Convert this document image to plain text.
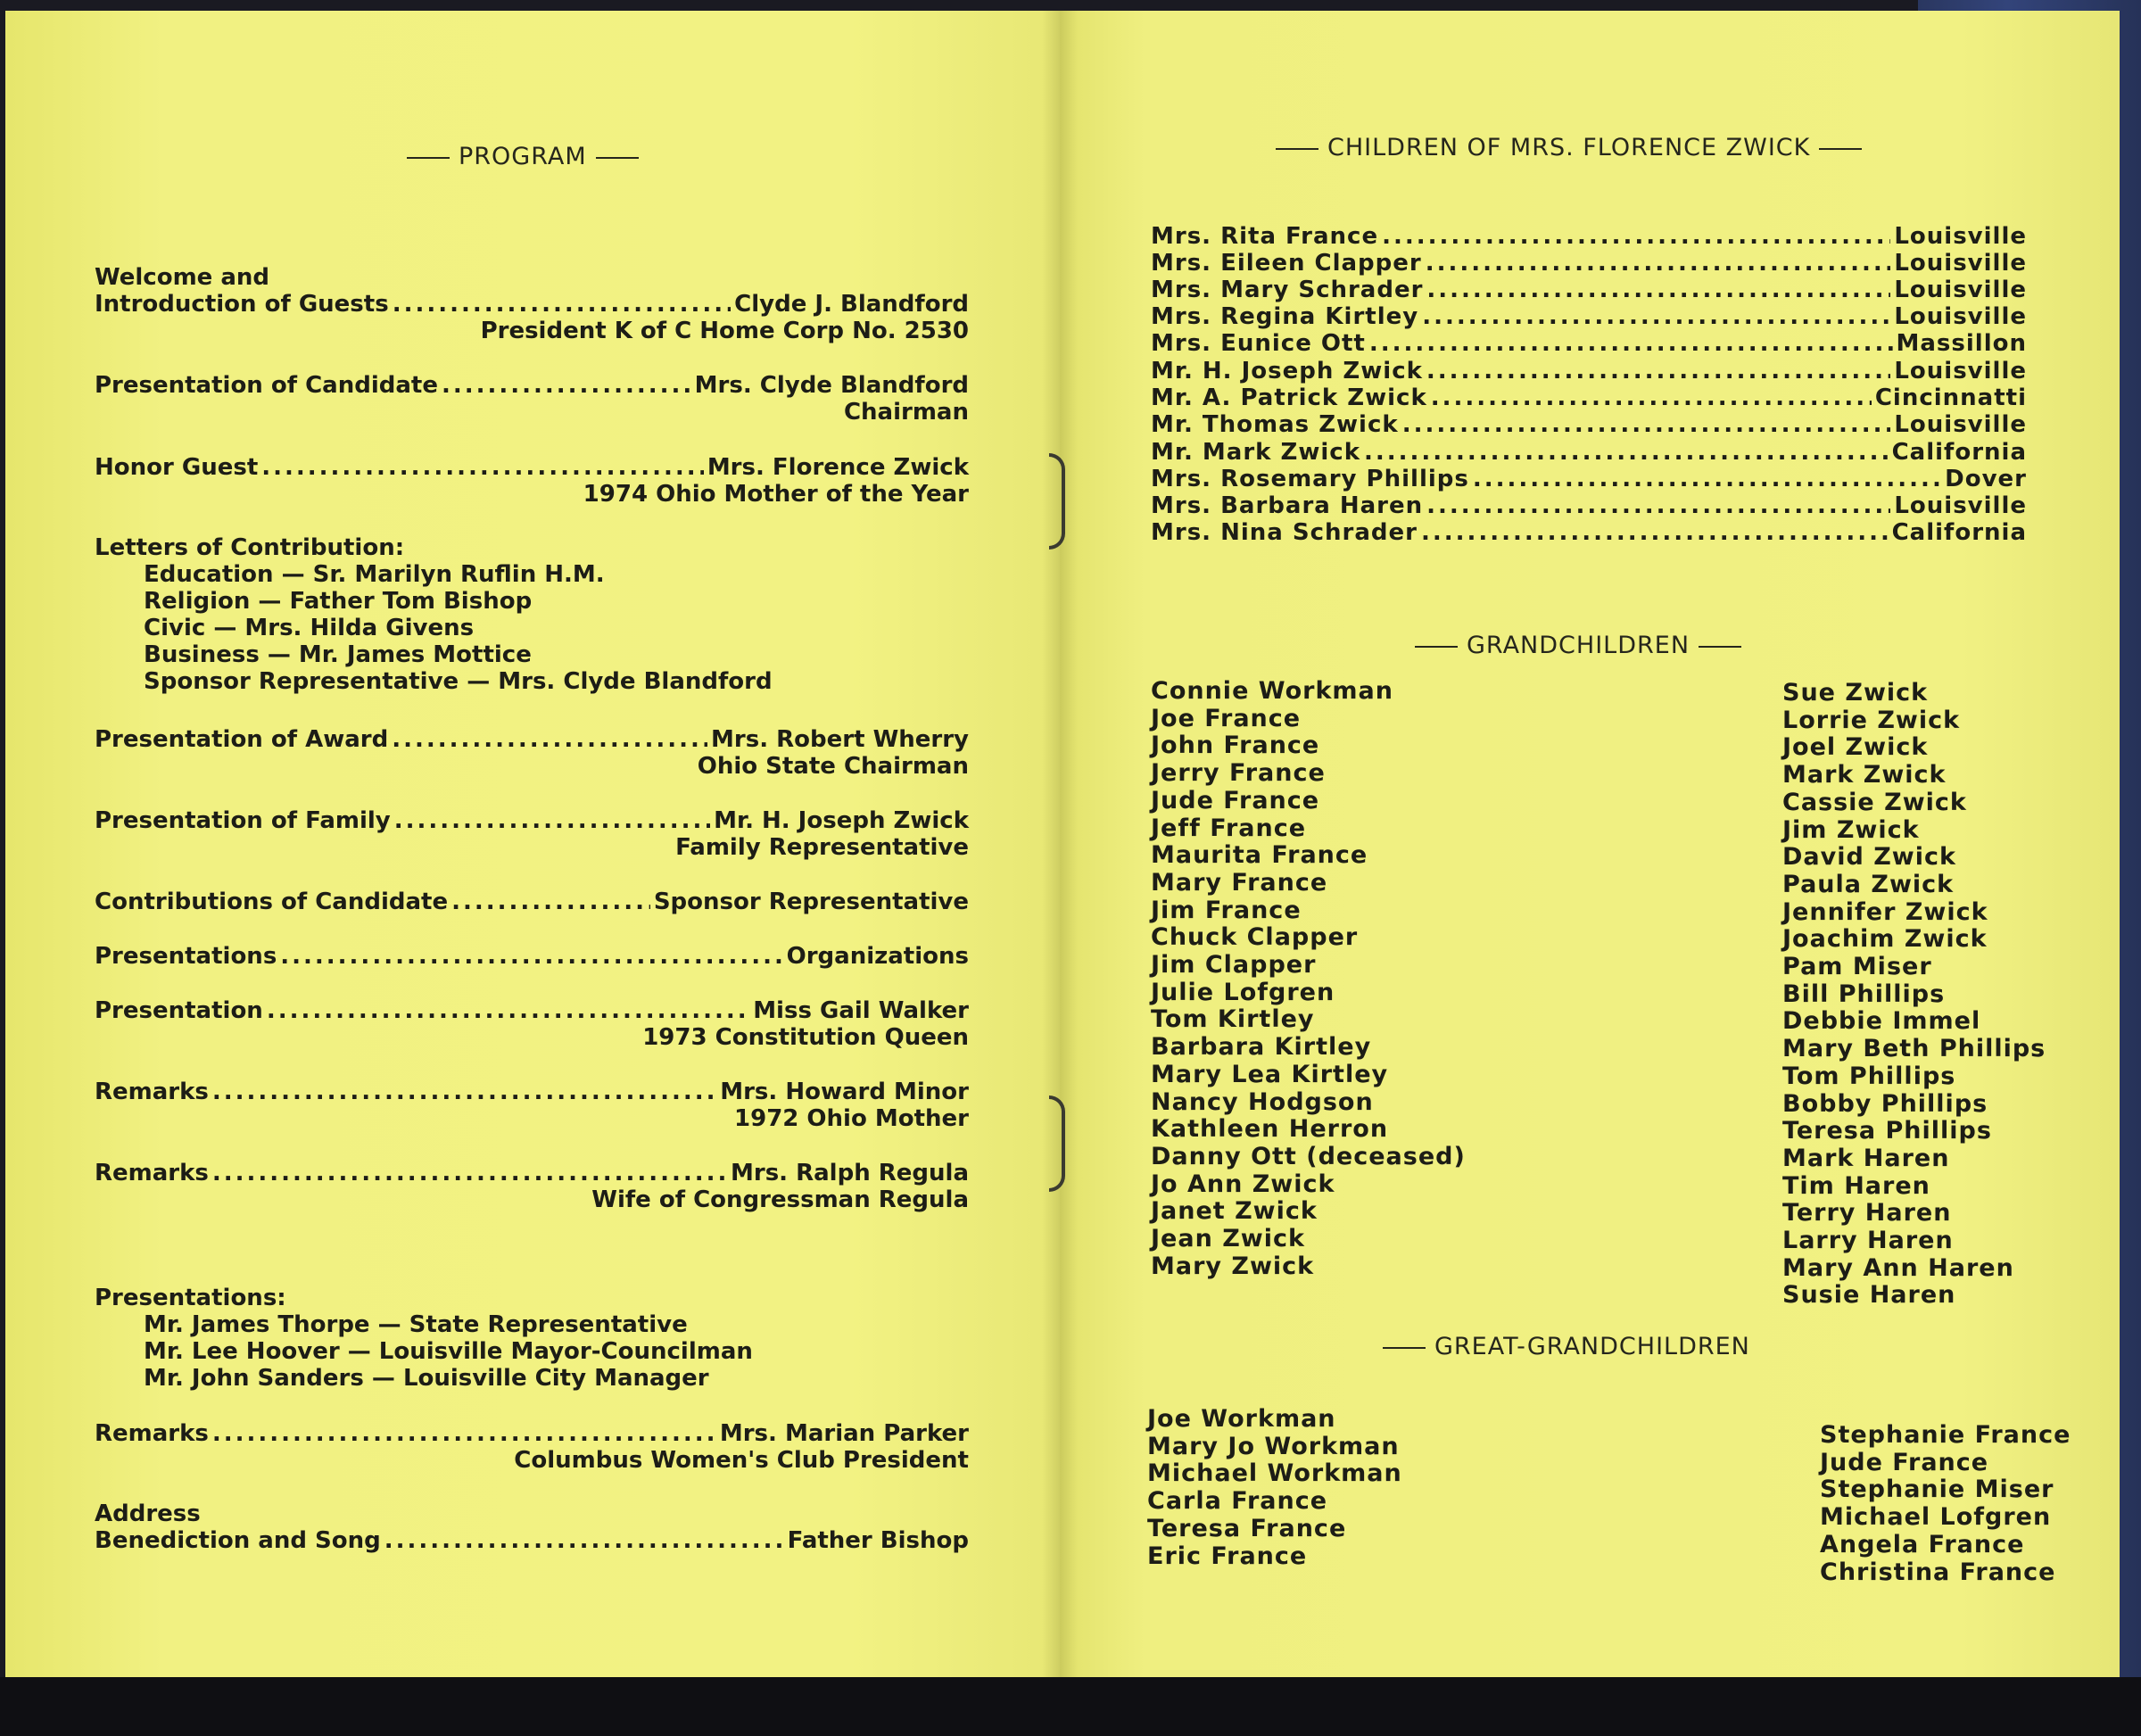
PROGRAM
Welcome and
Introduction of Guests .....	Clyde J. Blandford
President K of C Home Corp No. 2530
Presentation of Candidate .....	Mrs. Clyde Blandford
Chairman
Honor Guest .....	Mrs. Florence Zwick
1974 Ohio Mother of the Year
Letters of Contribution:
Education — Sr. Marilyn Ruflin H.M.
Religion — Father Tom Bishop
Civic — Mrs. Hilda Givens
Business — Mr. James Mottice
Sponsor Representative — Mrs. Clyde Blandford
Presentation of Award .....	Mrs. Robert Wherry
Ohio State Chairman
Presentation of Family .....	Mr. H. Joseph Zwick
Family Representative
Contributions of Candidate .....	Sponsor Representative
Presentations .....	Organizations
Presentation .....	Miss Gail Walker
1973 Constitution Queen
Remarks .....	Mrs. Howard Minor
1972 Ohio Mother
Remarks .....	Mrs. Ralph Regula
Wife of Congressman Regula
Presentations:
Mr. James Thorpe — State Representative
Mr. Lee Hoover — Louisville Mayor-Councilman
Mr. John Sanders — Louisville City Manager
Remarks .....	Mrs. Marian Parker
Columbus Women's Club President
Address
Benediction and Song .....	Father Bishop
CHILDREN OF MRS. FLORENCE ZWICK
Mrs. Rita France .....	Louisville
Mrs. Eileen Clapper .....	Louisville
Mrs. Mary Schrader .....	Louisville
Mrs. Regina Kirtley .....	Louisville
Mrs. Eunice Ott .....	Massillon
Mr. H. Joseph Zwick .....	Louisville
Mr. A. Patrick Zwick .....	Cincinnatti
Mr. Thomas Zwick .....	Louisville
Mr. Mark Zwick .....	California
Mrs. Rosemary Phillips .....	Dover
Mrs. Barbara Haren .....	Louisville
Mrs. Nina Schrader .....	California
GRANDCHILDREN
Connie Workman
Joe France
John France
Jerry France
Jude France
Jeff France
Maurita France
Mary France
Jim France
Chuck Clapper
Jim Clapper
Julie Lofgren
Tom Kirtley
Barbara Kirtley
Mary Lea Kirtley
Nancy Hodgson
Kathleen Herron
Danny Ott (deceased)
Jo Ann Zwick
Janet Zwick
Jean Zwick
Mary Zwick
Sue Zwick
Lorrie Zwick
Joel Zwick
Mark Zwick
Cassie Zwick
Jim Zwick
David Zwick
Paula Zwick
Jennifer Zwick
Joachim Zwick
Pam Miser
Bill Phillips
Debbie Immel
Mary Beth Phillips
Tom Phillips
Bobby Phillips
Teresa Phillips
Mark Haren
Tim Haren
Terry Haren
Larry Haren
Mary Ann Haren
Susie Haren
GREAT-GRANDCHILDREN
Joe Workman
Mary Jo Workman
Michael Workman
Carla France
Teresa France
Eric France
Stephanie France
Jude France
Stephanie Miser
Michael Lofgren
Angela France
Christina France
